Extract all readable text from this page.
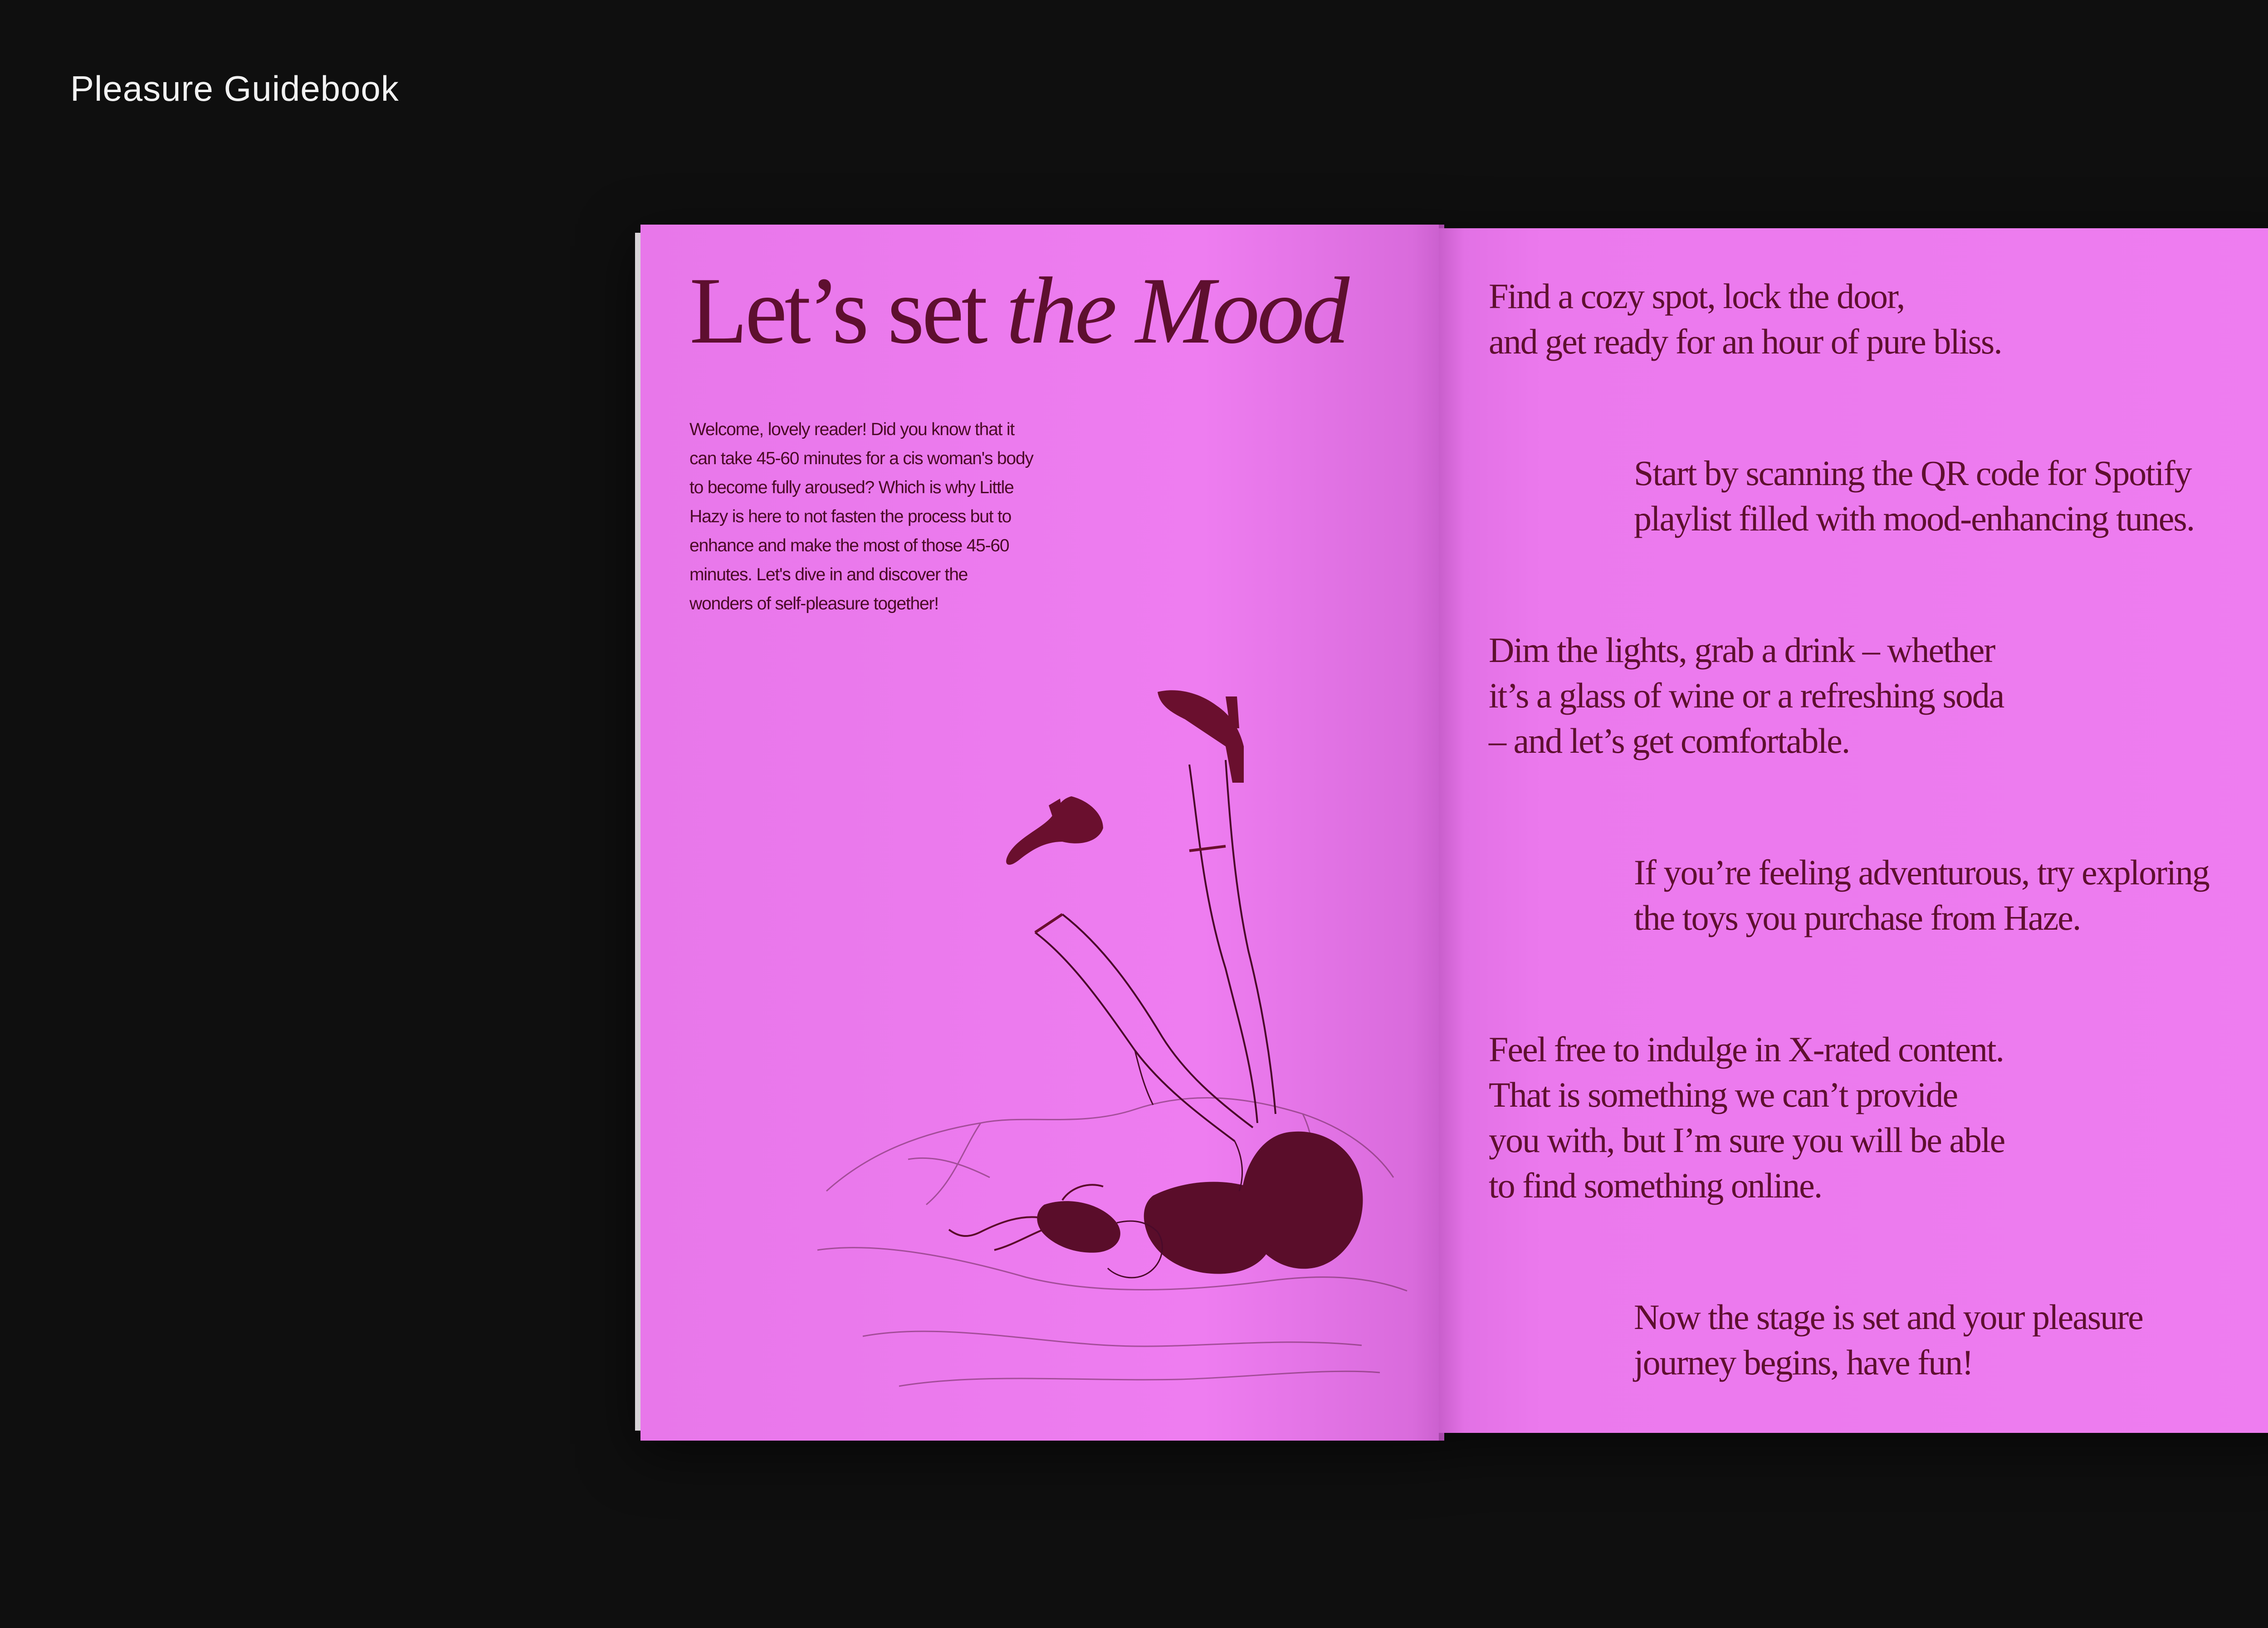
Pleasure Guidebook
Let’s set the Mood

Welcome, lovely reader! Did you know that it can take 45-60 minutes for a cis woman's body to become fully aroused? Which is why Little Hazy is here to not fasten the process but to enhance and make the most of those 45-60 minutes. Let's dive in and discover the wonders of self-pleasure together!

Find a cozy spot, lock the door,
and get ready for an hour of pure bliss.

Start by scanning the QR code for Spotify
playlist filled with mood-enhancing tunes.

Dim the lights, grab a drink – whether
it’s a glass of wine or a refreshing soda
– and let’s get comfortable.

If you’re feeling adventurous, try exploring
the toys you purchase from Haze.

Feel free to indulge in X-rated content.
That is something we can’t provide
you with, but I’m sure you will be able
to find something online.

Now the stage is set and your pleasure
journey begins, have fun!
